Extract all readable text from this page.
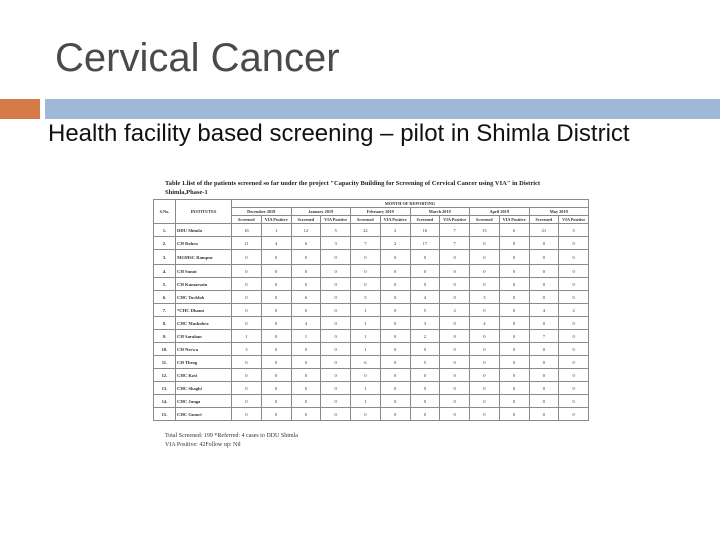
Cervical Cancer
Health facility based screening – pilot in Shimla District
Table 1.list of the patients screened so far under the project "Capacity Building for Screening of Cervical Cancer using VIA" in District
Shimla,Phase-1
S.No.	INSTITUTES	MONTH OF REPORTING											
		December 2018		January 2019		February 2019		March 2019		April 2019		May 2019	
		Screened	VIA Positive	Screened	VIA Positive	Screened	VIA Positive	Screened	VIA Positive	Screened	VIA Positive	Screened	VIA Positive
1.	DDU Shimla	16	1	12	5	22	2	16	7	15	6	21	5
2.	CH Rohru	11	4	6	3	7	2	17	7	0	0	0	0
3.	MGMSC Rampur	0	0	0	0	0	0	0	0	0	0	0	0
4.	CH Sunni	0	0	0	0	0	0	0	0	0	0	0	0
5.	CH Kumarsain	0	0	0	0	0	0	0	0	0	0	0	0
6.	CHC Tuckloh	0	0	6	0	5	0	4	0	3	0	0	0
7.	*CHC Dhami	0	0	0	0	1	0	5	2	0	0	4	2
8.	CHC Mashobra	0	0	4	0	1	0	3	0	4	0	0	0
9.	CH Sarahan	1	0	1	0	1	0	2	0	0	0	7	0
10.	CH Nerwa	3	0	0	0	1	0	0	0	0	0	0	0
11.	CH Theog	0	0	0	0	6	0	5	0	0	0	0	0
12.	CHC Koti	0	0	0	0	0	0	0	0	0	0	0	0
13.	CHC Shoghi	0	0	0	0	1	0	0	0	0	0	0	0
14.	CHC Junga	0	0	0	0	1	0	0	0	0	0	0	0
15.	CHC Gumri	0	0	0	0	0	0	0	0	0	0	0	0
Total Screened: 199 *Referred: 4 cases to DDU Shimla
VIA Positive: 42Follow up: Nil
